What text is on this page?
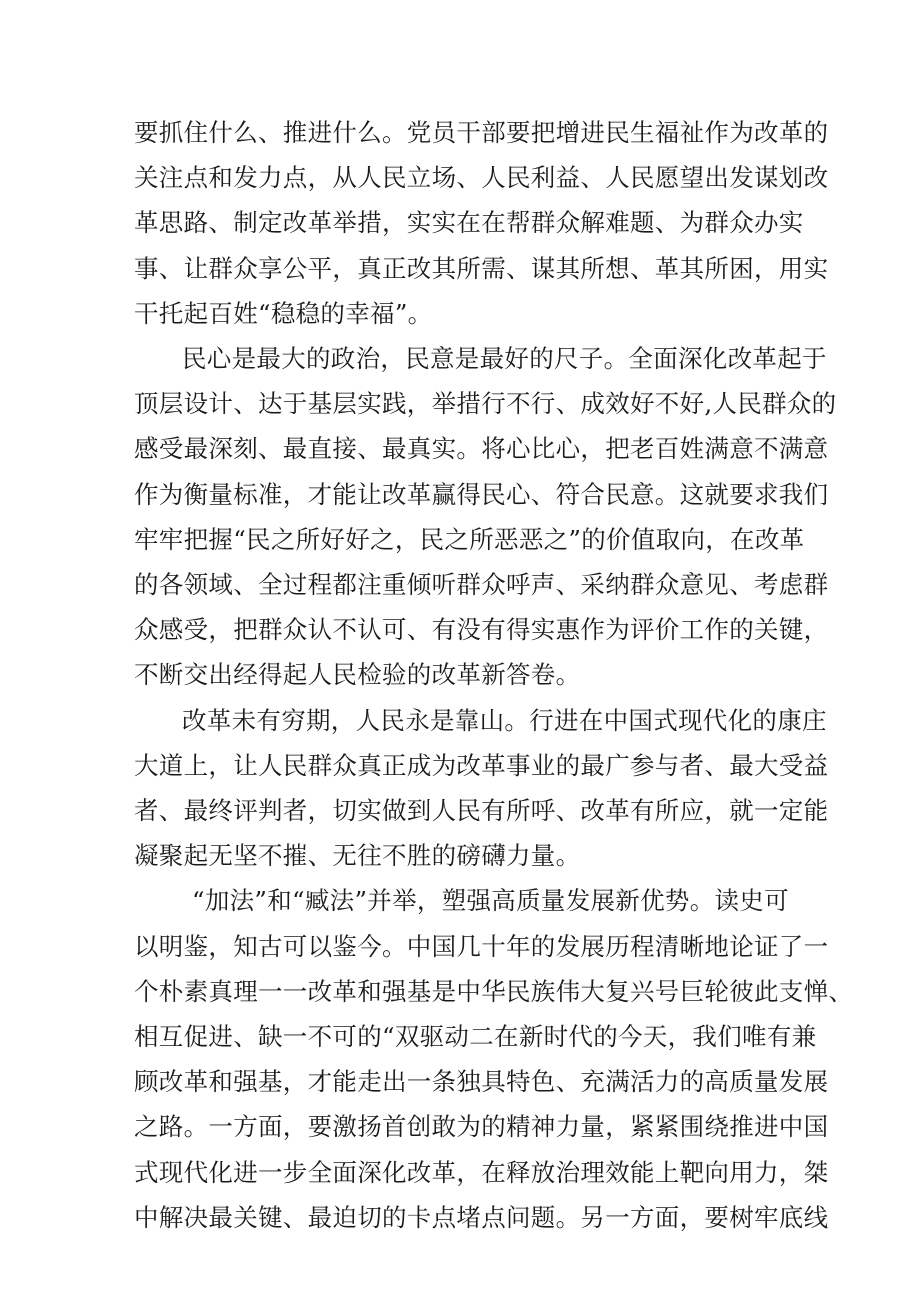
要抓住什么、推进什么。党员干部要把增进民生福祉作为改革的
关注点和发力点，从人民立场、人民利益、人民愿望出发谋划改
革思路、制定改革举措，实实在在帮群众解难题、为群众办实
事、让群众享公平，真正改其所需、谋其所想、革其所困，用实
干托起百姓“稳稳的幸福”。
民心是最大的政治，民意是最好的尺子。全面深化改革起于
顶层设计、达于基层实践，举措行不行、成效好不好,人民群众的
感受最深刻、最直接、最真实。将心比心，把老百姓满意不满意
作为衡量标准，才能让改革赢得民心、符合民意。这就要求我们
牢牢把握“民之所好好之，民之所恶恶之”的价值取向，在改革
的各领域、全过程都注重倾听群众呼声、采纳群众意见、考虑群
众感受，把群众认不认可、有没有得实惠作为评价工作的关键，
不断交出经得起人民检验的改革新答卷。
改革未有穷期，人民永是靠山。行进在中国式现代化的康庄
大道上，让人民群众真正成为改革事业的最广参与者、最大受益
者、最终评判者，切实做到人民有所呼、改革有所应，就一定能
凝聚起无坚不摧、无往不胜的磅礴力量。
“加法”和“臧法”并举，塑强高质量发展新优势。读史可
以明鉴，知古可以鉴今。中国几十年的发展历程清晰地论证了一
个朴素真理一一改革和强基是中华民族伟大复兴号巨轮彼此支惮、
相互促进、缺一不可的“双驱动二在新时代的今天，我们唯有兼
顾改革和强基，才能走出一条独具特色、充满活力的高质量发展
之路。一方面，要激扬首创敢为的精神力量，紧紧围绕推进中国
式现代化进一步全面深化改革，在释放治理效能上靶向用力，桀
中解决最关键、最迫切的卡点堵点问题。另一方面，要树牢底线
